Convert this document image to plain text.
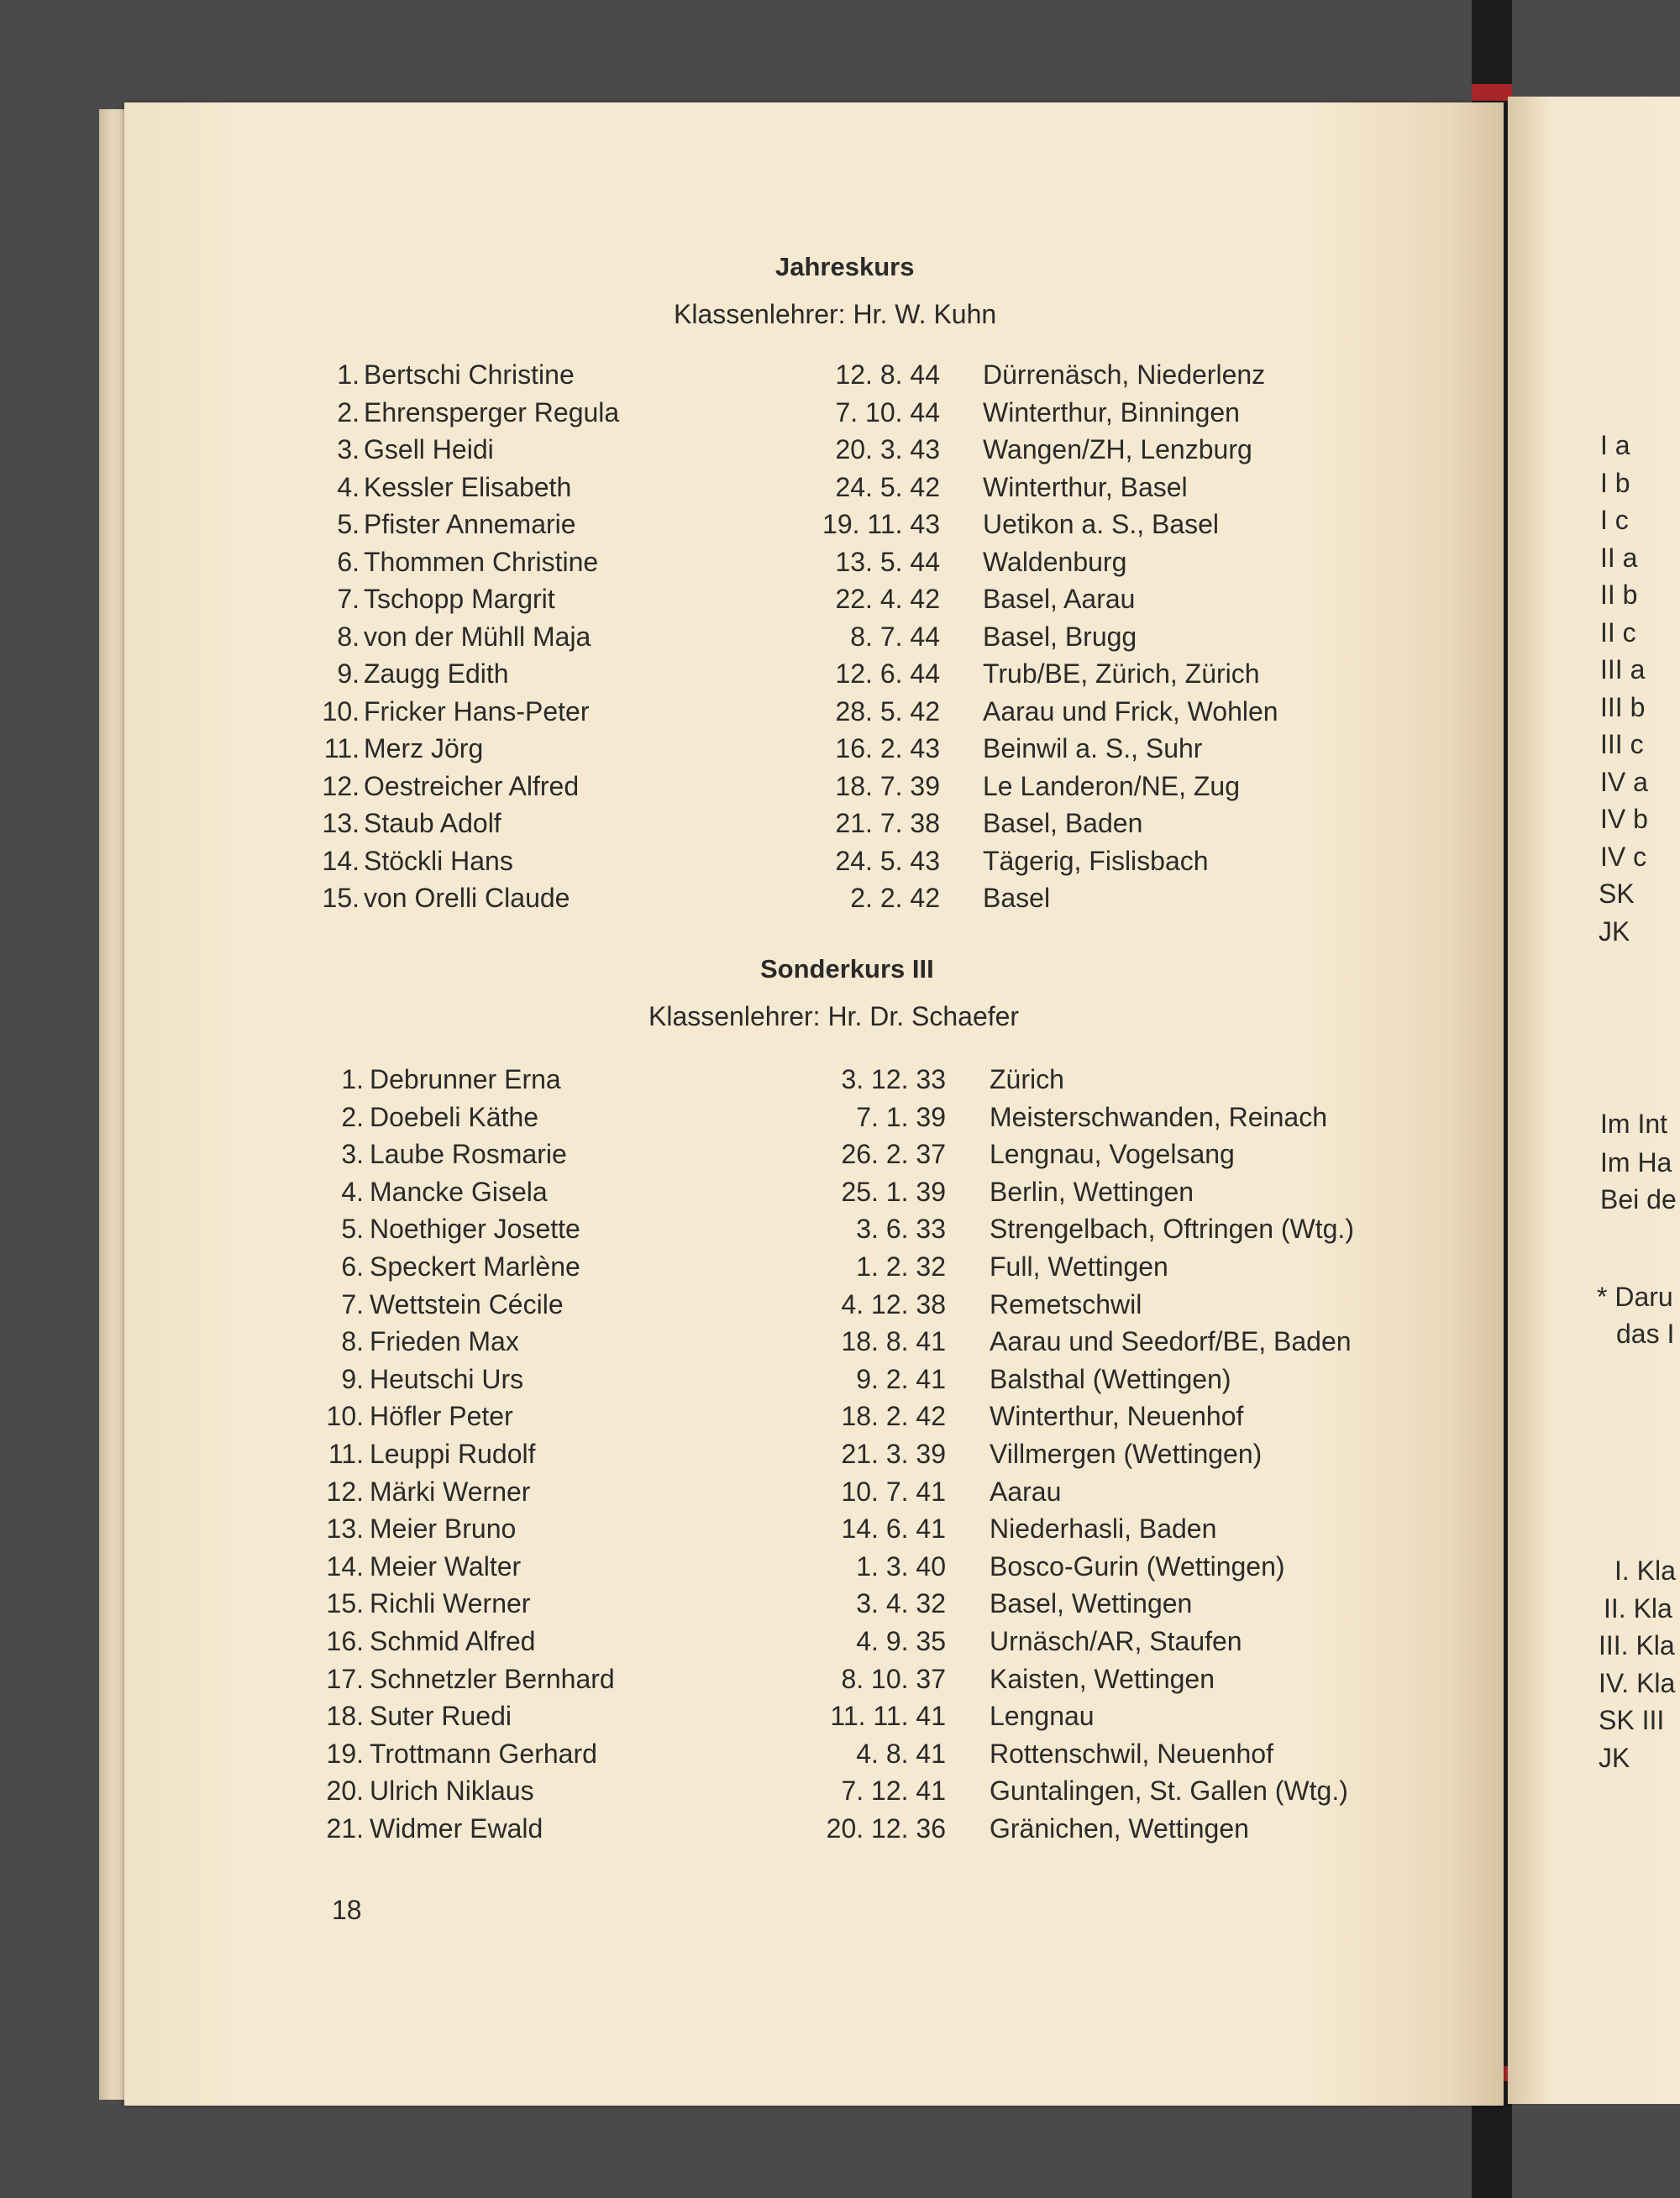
Jahreskurs
Klassenlehrer: Hr. W. Kuhn
1. Bertschi Christine	12. 8. 44 Dürrenäsch, Niederlenz
2. Ehrensperger Regula	7. 10. 44 Winterthur, Binningen
3. Gsell Heidi	20. 3. 43 Wangen/ZH, Lenzburg
4. Kessler Elisabeth	24. 5. 42 Winterthur, Basel
5. Pfister Annemarie	19. 11. 43 Uetikon a. S., Basel
6. Thommen Christine	13. 5. 44 Waldenburg
7. Tschopp Margrit	22. 4. 42 Basel, Aarau
8. von der Mühll Maja	8. 7. 44 Basel, Brugg
9. Zaugg Edith	12. 6. 44 Trub/BE, Zürich, Zürich
10. Fricker Hans-Peter	28. 5. 42 Aarau und Frick, Wohlen
11. Merz Jörg	16. 2. 43 Beinwil a. S., Suhr
12. Oestreicher Alfred	18. 7. 39 Le Landeron/NE, Zug
13. Staub Adolf	21. 7. 38 Basel, Baden
14. Stöckli Hans	24. 5. 43 Tägerig, Fislisbach
15. von Orelli Claude	2. 2. 42 Basel
Sonderkurs III
Klassenlehrer: Hr. Dr. Schaefer
1. Debrunner Erna	3. 12. 33 Zürich
2. Doebeli Käthe	7. 1. 39 Meisterschwanden, Reinach
3. Laube Rosmarie	26. 2. 37 Lengnau, Vogelsang
4. Mancke Gisela	25. 1. 39 Berlin, Wettingen
5. Noethiger Josette	3. 6. 33 Strengelbach, Oftringen (Wtg.)
6. Speckert Marlène	1. 2. 32 Full, Wettingen
7. Wettstein Cécile	4. 12. 38 Remetschwil
8. Frieden Max	18. 8. 41 Aarau und Seedorf/BE, Baden
9. Heutschi Urs	9. 2. 41 Balsthal (Wettingen)
10. Höfler Peter	18. 2. 42 Winterthur, Neuenhof
11. Leuppi Rudolf	21. 3. 39 Villmergen (Wettingen)
12. Märki Werner	10. 7. 41 Aarau
13. Meier Bruno	14. 6. 41 Niederhasli, Baden
14. Meier Walter	1. 3. 40 Bosco-Gurin (Wettingen)
15. Richli Werner	3. 4. 32 Basel, Wettingen
16. Schmid Alfred	4. 9. 35 Urnäsch/AR, Staufen
17. Schnetzler Bernhard	8. 10. 37 Kaisten, Wettingen
18. Suter Ruedi	11. 11. 41 Lengnau
19. Trottmann Gerhard	4. 8. 41 Rottenschwil, Neuenhof
20. Ulrich Niklaus	7. 12. 41 Guntalingen, St. Gallen (Wtg.)
21. Widmer Ewald	20. 12. 36 Gränichen, Wettingen
18
I a
I b
I c
II a
II b
II c
III a
III b
III c
IV a
IV b
IV c
SK
JK
Im Int
Im Ha
Bei de
* Daru
das I
I. Kla
II. Kla
III. Kla
IV. Kla
SK III
JK
